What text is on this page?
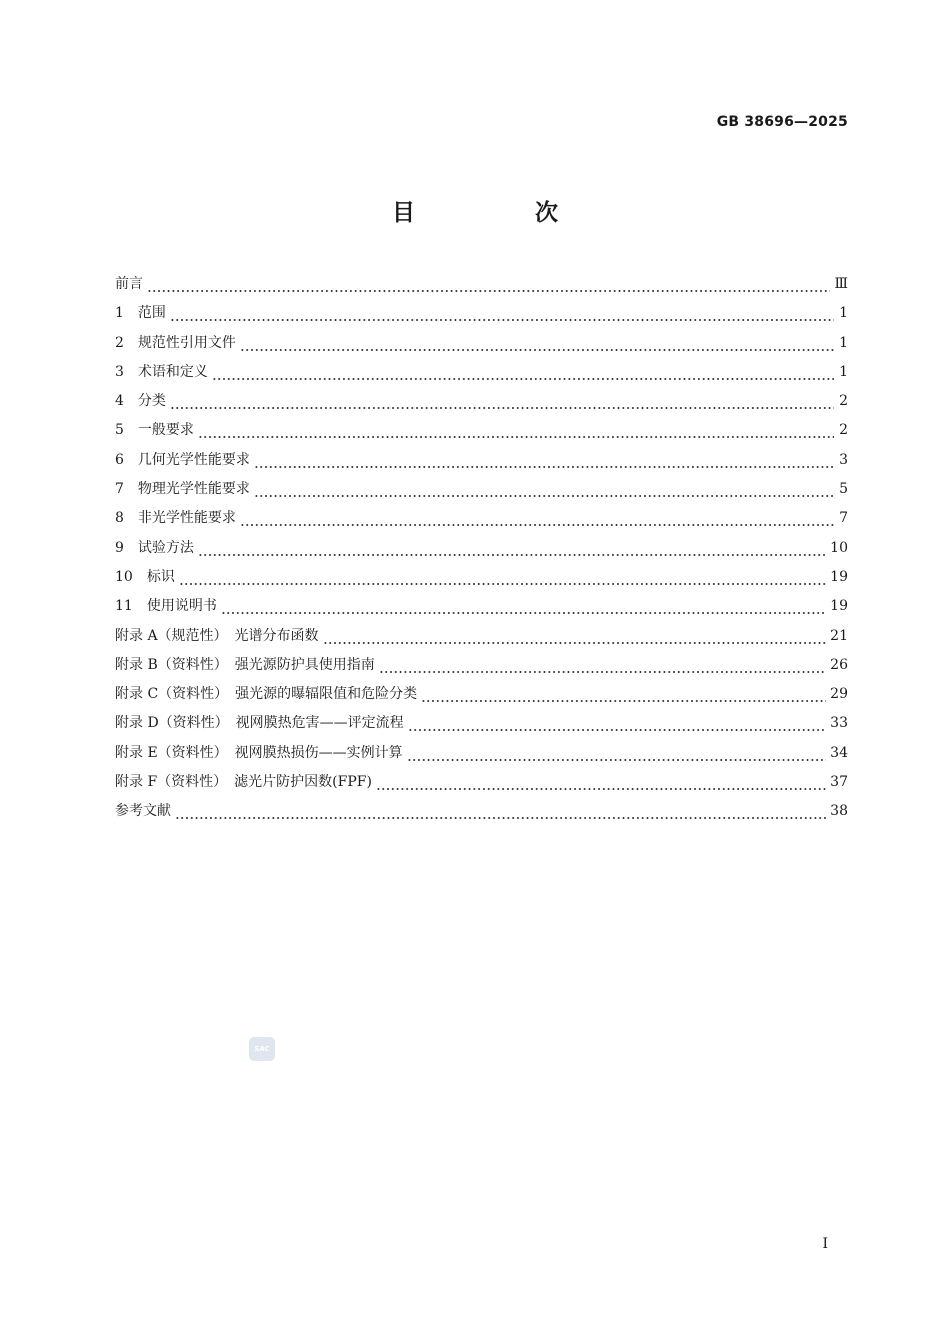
GB 38696—2025
目 次
前言	Ⅲ
1　范围	1
2　规范性引用文件	1
3　术语和定义	1
4　分类	2
5　一般要求	2
6　几何光学性能要求	3
7　物理光学性能要求	5
8　非光学性能要求	7
9　试验方法	10
10　标识	19
11　使用说明书	19
附录 A（规范性）　光谱分布函数	21
附录 B（资料性）　强光源防护具使用指南	26
附录 C（资料性）　强光源的曝辐限值和危险分类	29
附录 D（资料性）　视网膜热危害——评定流程	33
附录 E（资料性）　视网膜热损伤——实例计算	34
附录 F（资料性）　滤光片防护因数(FPF)	37
参考文献	38
SAC
Ⅰ
